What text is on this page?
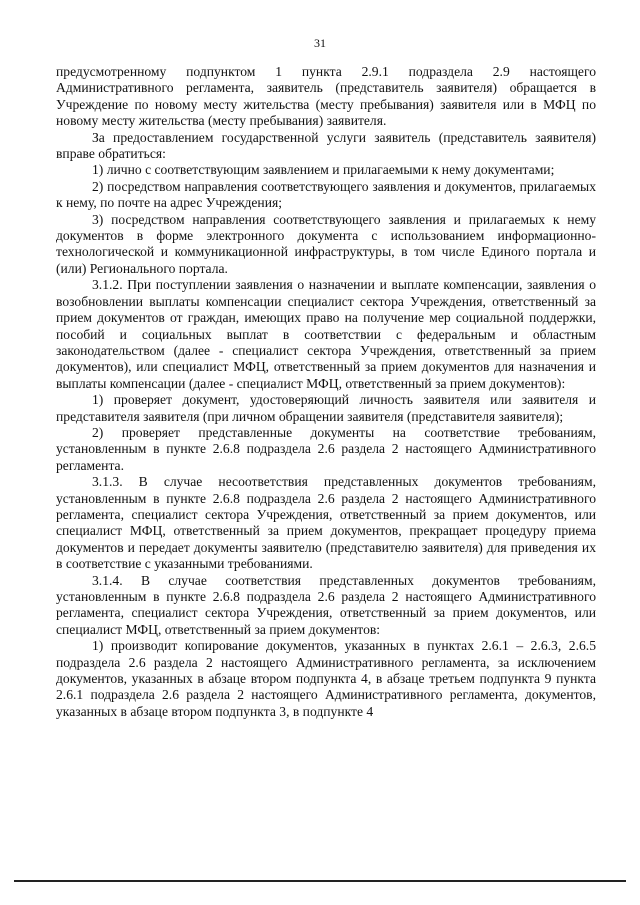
31

предусмотренному подпунктом 1 пункта 2.9.1 подраздела 2.9 настоящего Административного регламента, заявитель (представитель заявителя) обращается в Учреждение по новому месту жительства (месту пребывания) заявителя или в МФЦ по новому месту жительства (месту пребывания) заявителя.

За предоставлением государственной услуги заявитель (представитель заявителя) вправе обратиться:

1) лично с соответствующим заявлением и прилагаемыми к нему документами;

2) посредством направления соответствующего заявления и документов, прилагаемых к нему, по почте на адрес Учреждения;

3) посредством направления соответствующего заявления и прилагаемых к нему документов в форме электронного документа с использованием информационно-технологической и коммуникационной инфраструктуры, в том числе Единого портала и (или) Регионального портала.

3.1.2. При поступлении заявления о назначении и выплате компенсации, заявления о возобновлении выплаты компенсации специалист сектора Учреждения, ответственный за прием документов от граждан, имеющих право на получение мер социальной поддержки, пособий и социальных выплат в соответствии с федеральным и областным законодательством (далее - специалист сектора Учреждения, ответственный за прием документов), или специалист МФЦ, ответственный за прием документов для назначения и выплаты компенсации (далее - специалист МФЦ, ответственный за прием документов):

1) проверяет документ, удостоверяющий личность заявителя или заявителя и представителя заявителя (при личном обращении заявителя (представителя заявителя);

2) проверяет представленные документы на соответствие требованиям, установленным в пункте 2.6.8 подраздела 2.6 раздела 2 настоящего Административного регламента.

3.1.3. В случае несоответствия представленных документов требованиям, установленным в пункте 2.6.8 подраздела 2.6 раздела 2 настоящего Административного регламента, специалист сектора Учреждения, ответственный за прием документов, или специалист МФЦ, ответственный за прием документов, прекращает процедуру приема документов и передает документы заявителю (представителю заявителя) для приведения их в соответствие с указанными требованиями.

3.1.4. В случае соответствия представленных документов требованиям, установленным в пункте 2.6.8 подраздела 2.6 раздела 2 настоящего Административного регламента, специалист сектора Учреждения, ответственный за прием документов, или специалист МФЦ, ответственный за прием документов:

1) производит копирование документов, указанных в пунктах 2.6.1 – 2.6.3, 2.6.5 подраздела 2.6 раздела 2 настоящего Административного регламента, за исключением документов, указанных в абзаце втором подпункта 4, в абзаце третьем подпункта 9 пункта 2.6.1 подраздела 2.6 раздела 2 настоящего Административного регламента, документов, указанных в абзаце втором подпункта 3, в подпункте 4
